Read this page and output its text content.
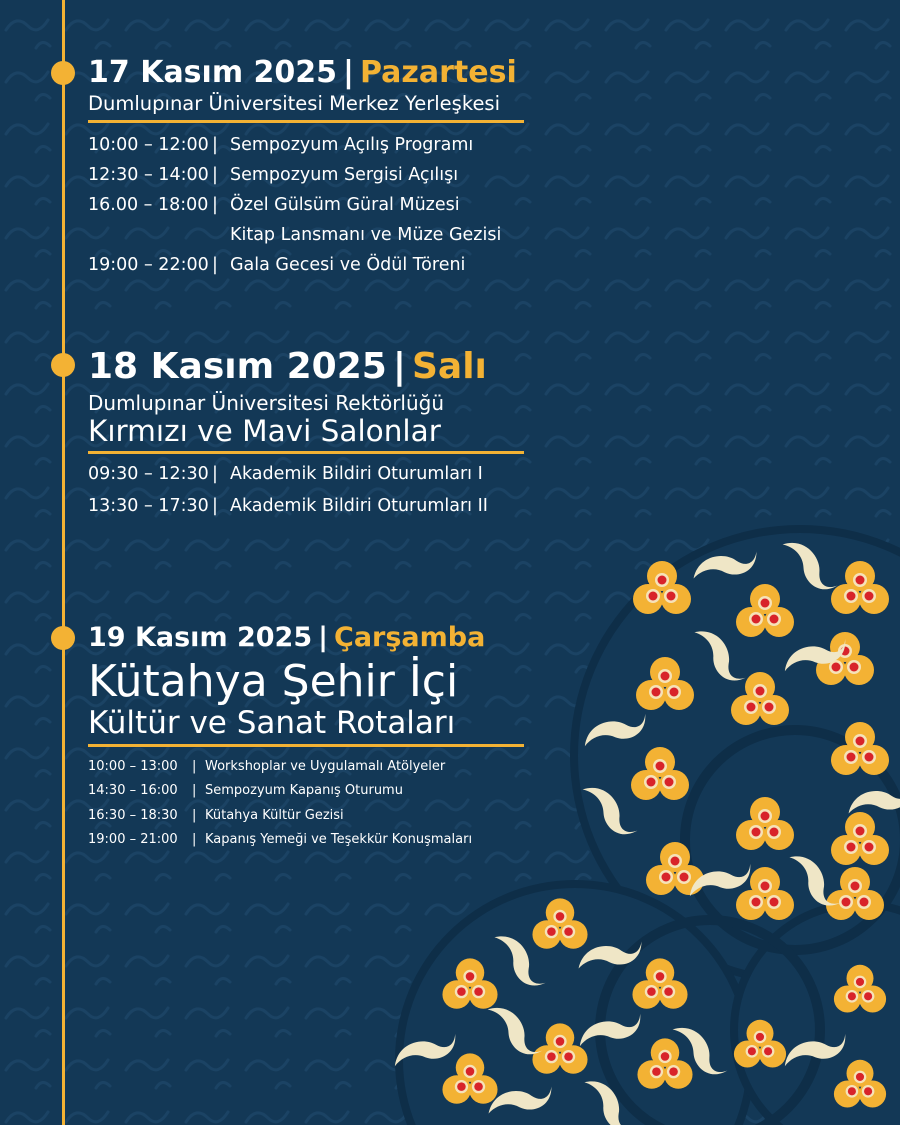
17 Kasım 2025 | Pazartesi
Dumlupınar Üniversitesi Merkez Yerleşkesi
10:00 – 12:00 | Sempozyum Açılış Programı
12:30 – 14:00 | Sempozyum Sergisi Açılışı
16.00 – 18:00 | Özel Gülsüm Güral Müzesi
Kitap Lansmanı ve Müze Gezisi
19:00 – 22:00 | Gala Gecesi ve Ödül Töreni
18 Kasım 2025 | Salı
Dumlupınar Üniversitesi Rektörlüğü
Kırmızı ve Mavi Salonlar
09:30 – 12:30 | Akademik Bildiri Oturumları I
13:30 – 17:30 | Akademik Bildiri Oturumları II
19 Kasım 2025 | Çarşamba
Kütahya Şehir İçi
Kültür ve Sanat Rotaları
10:00 – 13:00	| Workshoplar ve Uygulamalı Atölyeler
14:30 – 16:00	| Sempozyum Kapanış Oturumu
16:30 – 18:30	| Kütahya Kültür Gezisi
19:00 – 21:00	| Kapanış Yemeği ve Teşekkür Konuşmaları
